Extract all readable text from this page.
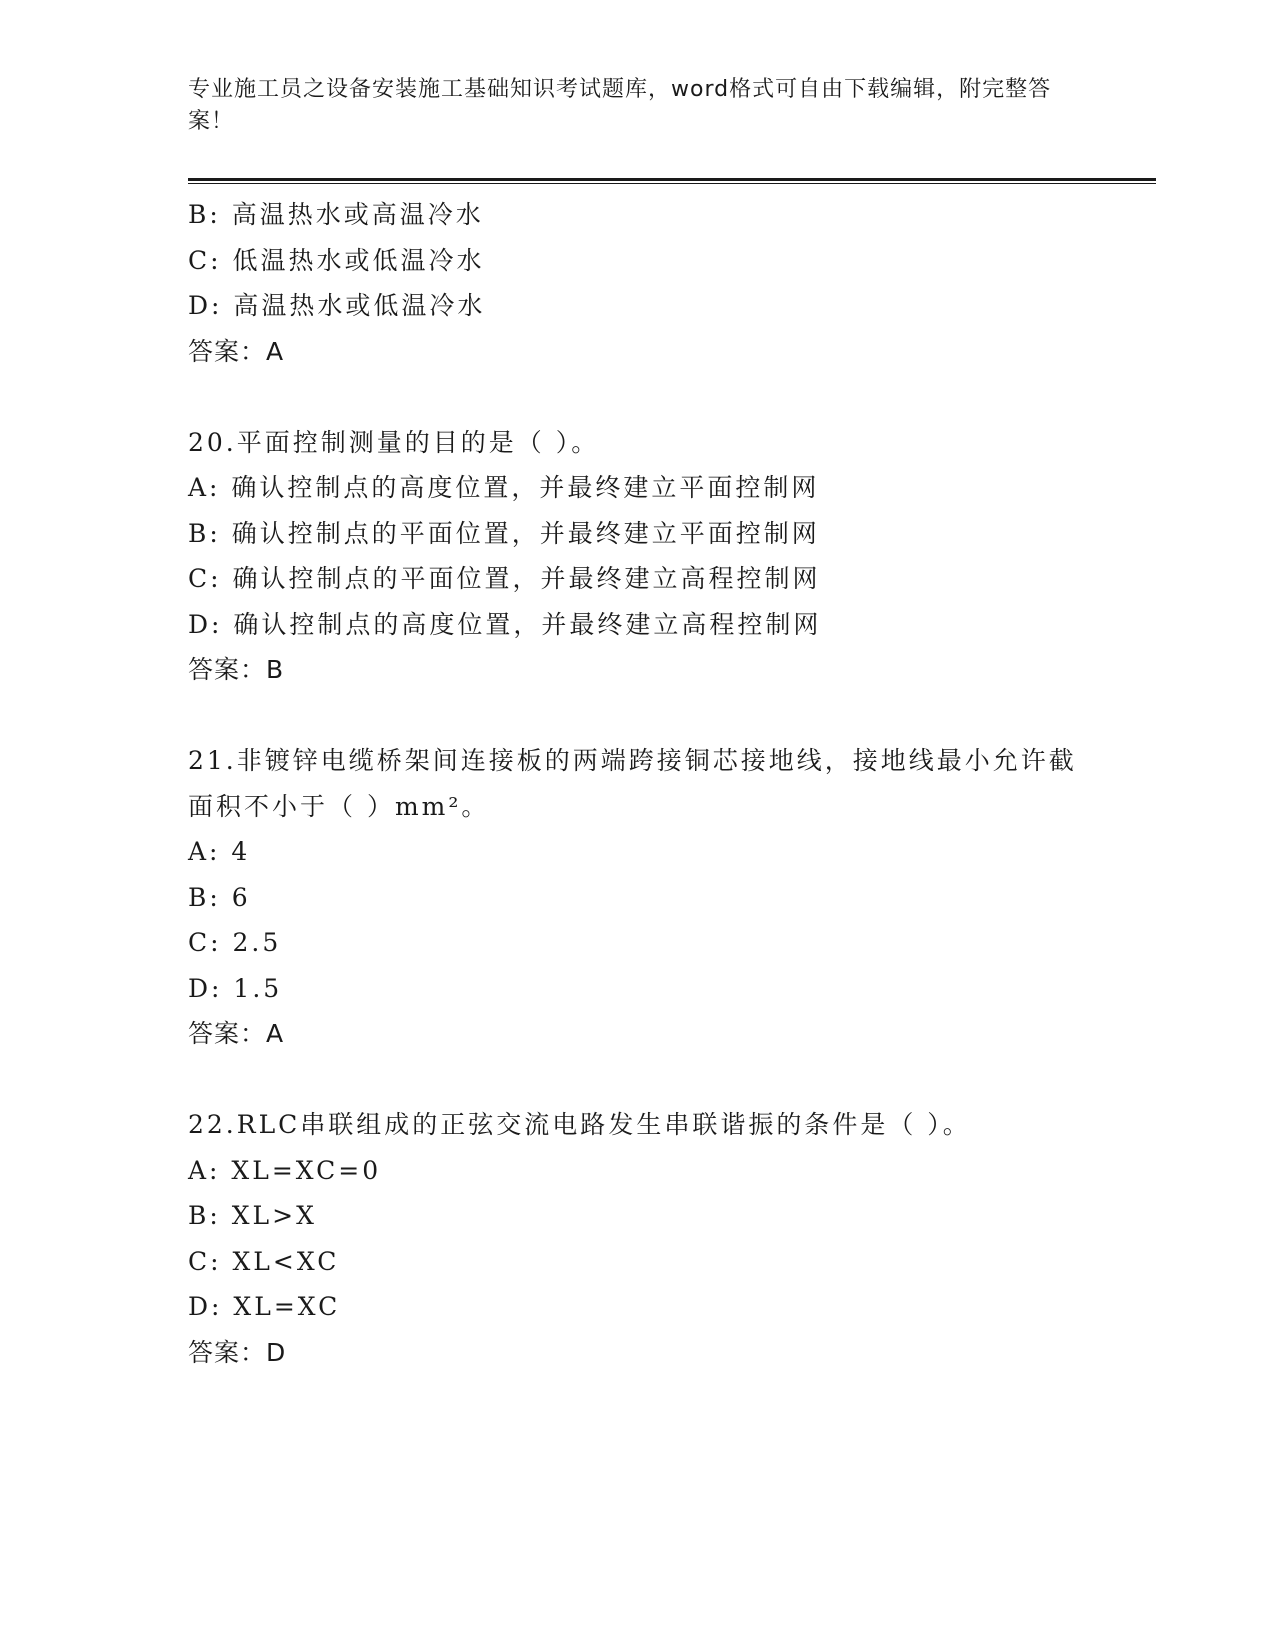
专业施工员之设备安装施工基础知识考试题库，word格式可自由下载编辑，附完整答案！
B: 高温热水或高温冷水
C: 低温热水或低温冷水
D: 高温热水或低温冷水
答案：A
20.平面控制测量的目的是（ ）。
A: 确认控制点的高度位置，并最终建立平面控制网
B: 确认控制点的平面位置，并最终建立平面控制网
C: 确认控制点的平面位置，并最终建立高程控制网
D: 确认控制点的高度位置，并最终建立高程控制网
答案：B
21.非镀锌电缆桥架间连接板的两端跨接铜芯接地线，接地线最小允许截面积不小于（ ）mm²。
A: 4
B: 6
C: 2.5
D: 1.5
答案：A
22.RLC串联组成的正弦交流电路发生串联谐振的条件是（ ）。
A: XL=XC=0
B: XL>X
C: XL<XC
D: XL=XC
答案：D
